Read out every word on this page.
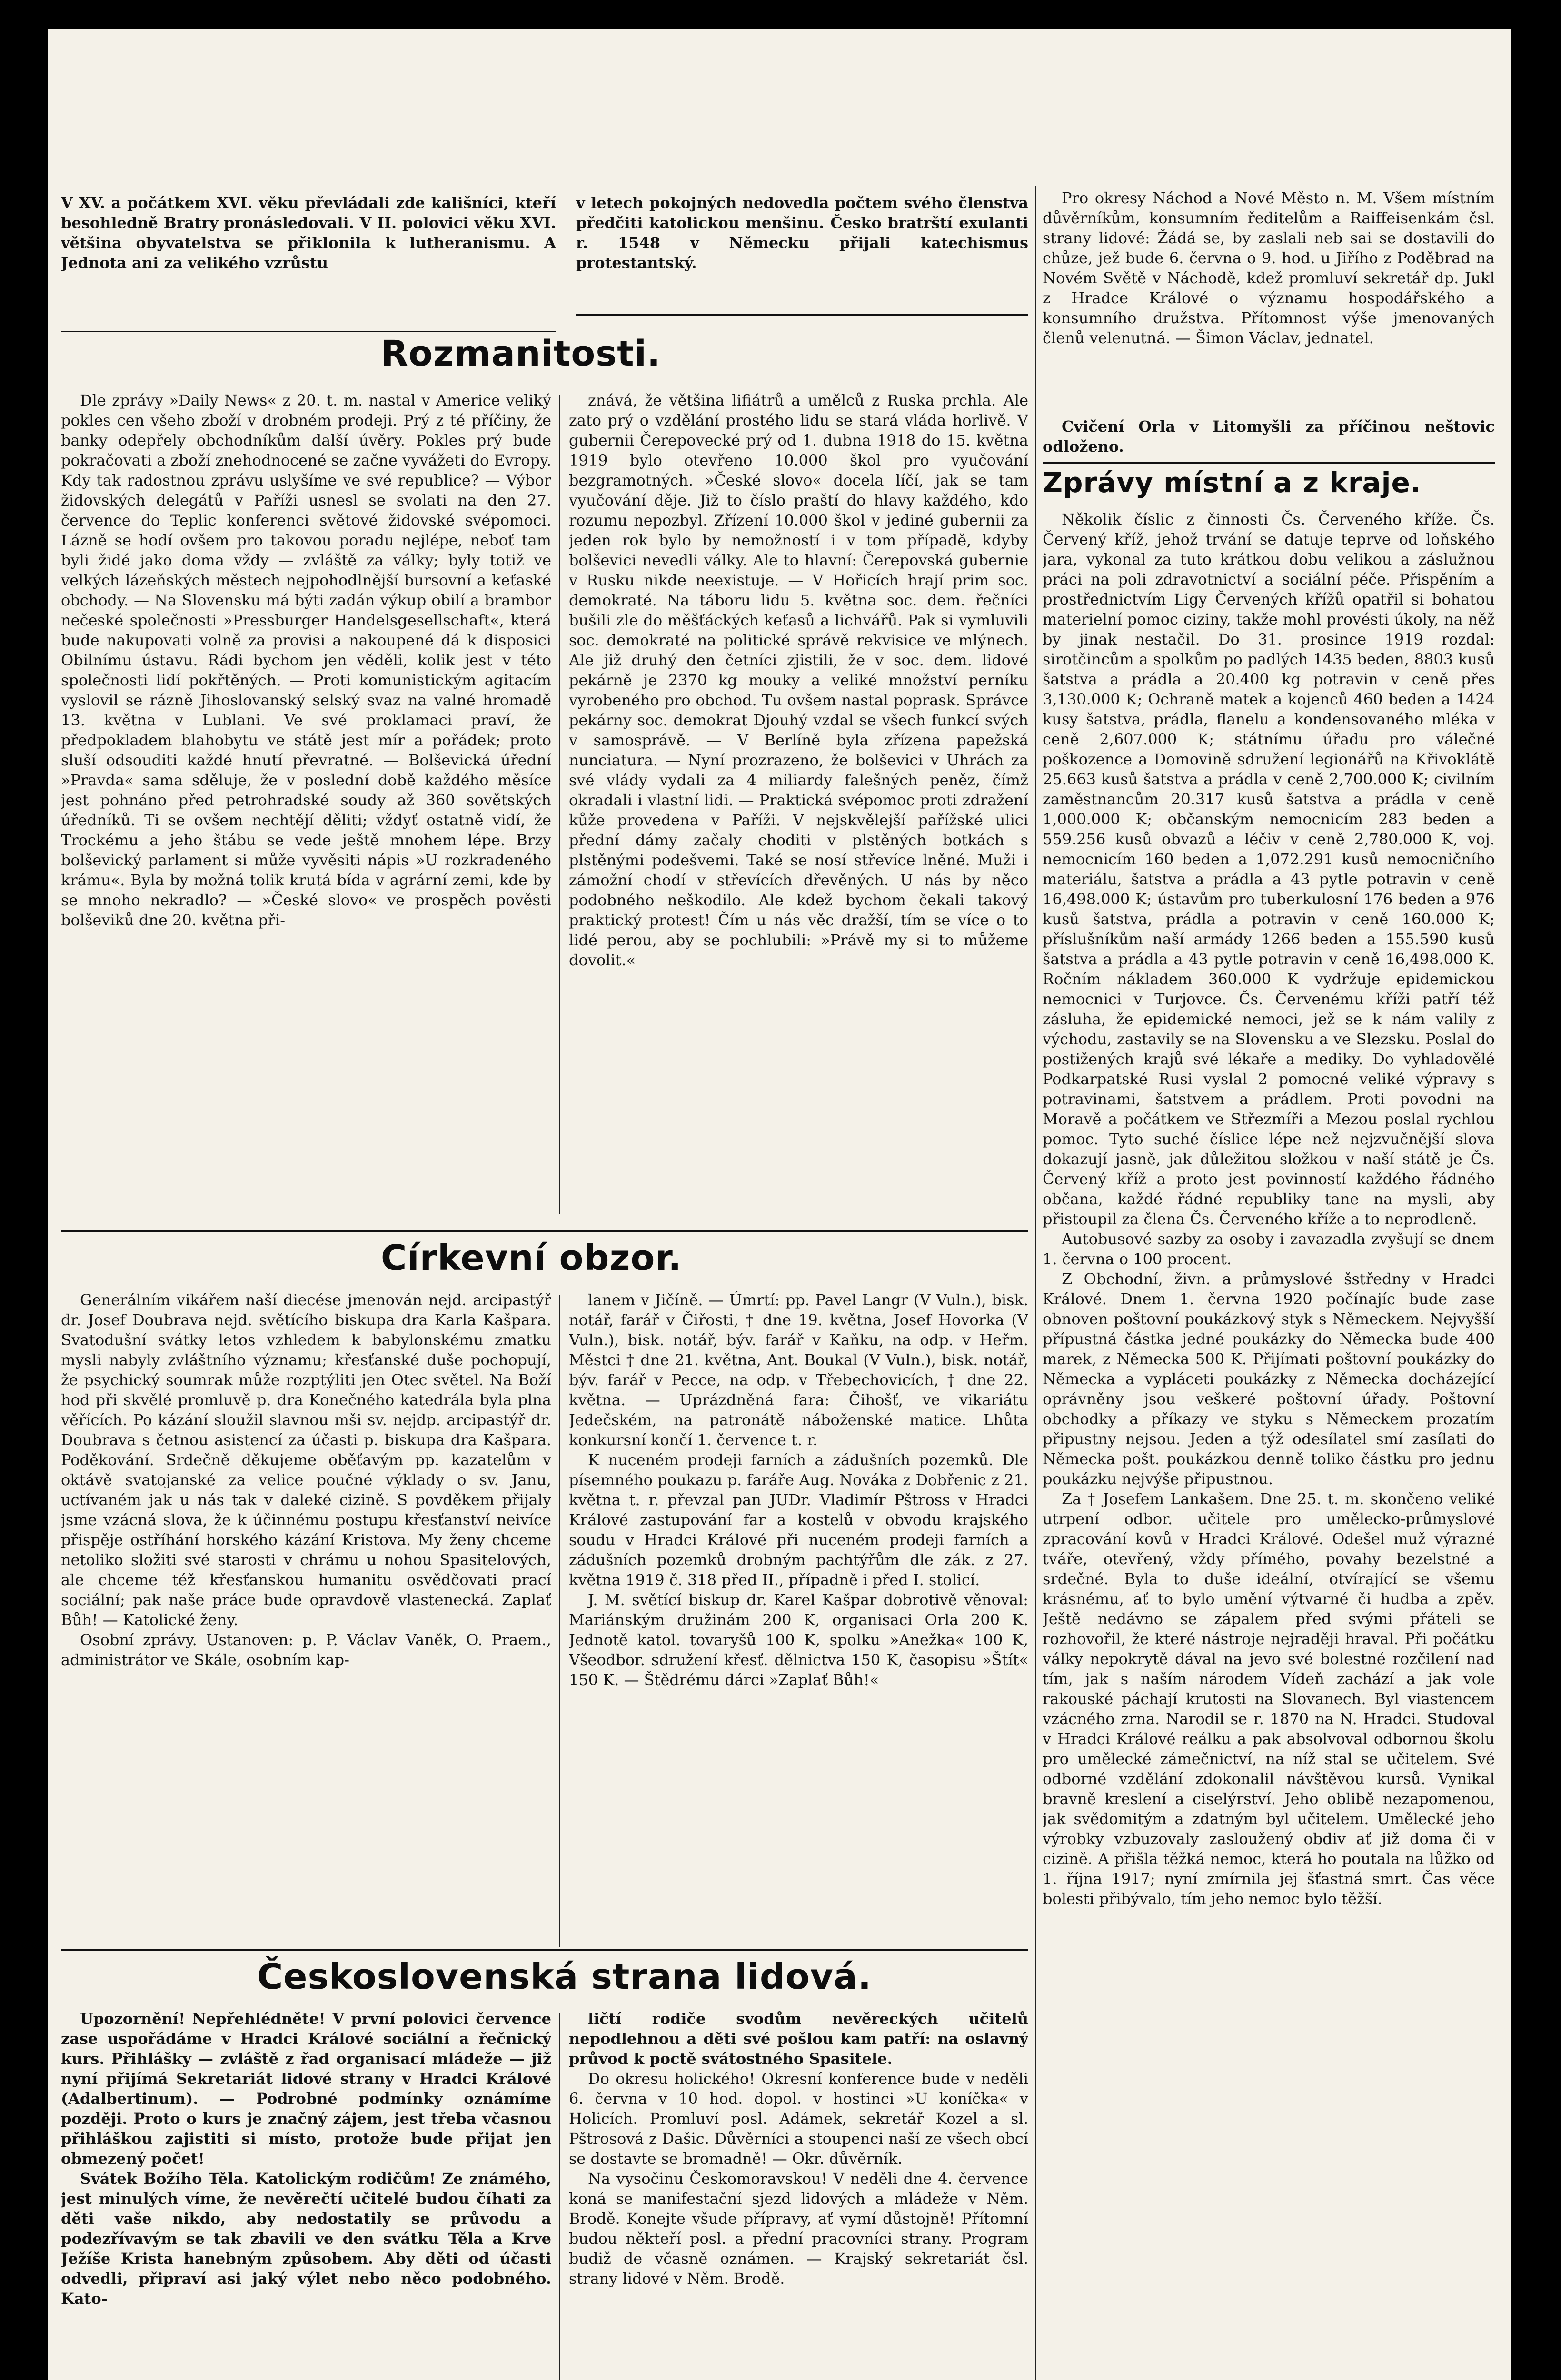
V XV. a počátkem XVI. věku převládali zde kališníci, kteří besohledně Bratry pronásledovali. V II. polovici věku XVI. většina obyvatelstva se přiklonila k lutheranismu. A Jednota ani za velikého vzrůstu
v letech pokojných nedovedla počtem svého členstva předčiti katolickou menšinu. Česko bratrští exulanti r. 1548 v Německu přijali katechismus protestantský.

Pro okresy Náchod a Nové Město n. M. Všem místním důvěrníkům, konsumním ředitelům a Raiffeisenkám čsl. strany lidové: Žádá se, by zaslali neb sai se dostavili do chůze, jež bude 6. června o 9. hod. u Jiřího z Poděbrad na Novém Světě v Náchodě, kdež promluví sekretář dp. Jukl z Hradce Králové o významu hospodářského a konsumního družstva. Přítomnost výše jmenovaných členů velenutná. — Šimon Václav, jednatel.

Cvičení Orla v Litomyšli za příčinou neštovic odloženo.

Rozmanitosti.

Dle zprávy »Daily News« z 20. t. m. nastal v Americe veliký pokles cen všeho zboží v drobném prodeji. Prý z té příčiny, že banky odepřely obchodníkům další úvěry. Pokles prý bude pokračovati a zboží znehodnocené se začne vyvážeti do Evropy. Kdy tak radostnou zprávu uslyšíme ve své republice? — Výbor židovských delegátů v Paříži usnesl se svolati na den 27. července do Teplic konferenci světové židovské svépomoci. Lázně se hodí ovšem pro takovou poradu nejlépe, neboť tam byli židé jako doma vždy — zvláště za války; byly totiž ve velkých lázeňských městech nejpohodlnější bursovní a keťaské obchody. — Na Slovensku má býti zadán výkup obilí a brambor nečeské společnosti »Pressburger Handelsgesellschaft«, která bude nakupovati volně za provisi a nakoupené dá k disposici Obilnímu ústavu. Rádi bychom jen věděli, kolik jest v této společnosti lidí pokřtěných. — Proti komunistickým agitacím vyslovil se rázně Jihoslovanský selský svaz na valné hromadě 13. května v Lublani. Ve své proklamaci praví, že předpokladem blahobytu ve státě jest mír a pořádek; proto sluší odsouditi každé hnutí převratné. — Bolševická úřední »Pravda« sama sděluje, že v poslední době každého měsíce jest pohnáno před petrohradské soudy až 360 sovětských úředníků. Ti se ovšem nechtějí děliti; vždyť ostatně vidí, že Trockému a jeho štábu se vede ještě mnohem lépe. Brzy bolševický parlament si může vyvěsiti nápis »U rozkradeného krámu«. Byla by možná tolik krutá bída v agrární zemi, kde by se mnoho nekradlo? — »České slovo« ve prospěch pověsti bolševiků dne 20. května při-

znává, že většina lifiátrů a umělců z Ruska prchla. Ale zato prý o vzdělání prostého lidu se stará vláda horlivě. V gubernii Čerepovecké prý od 1. dubna 1918 do 15. května 1919 bylo otevřeno 10.000 škol pro vyučování bezgramotných. »České slovo« docela líčí, jak se tam vyučování děje. Již to číslo praští do hlavy každého, kdo rozumu nepozbyl. Zřízení 10.000 škol v jediné gubernii za jeden rok bylo by nemožností i v tom případě, kdyby bolševici nevedli války. Ale to hlavní: Čerepovská gubernie v Rusku nikde neexistuje. — V Hořicích hrají prim soc. demokraté. Na táboru lidu 5. května soc. dem. řečníci bušili zle do měšťáckých keťasů a lichvářů. Pak si vymluvili soc. demokraté na politické správě rekvisice ve mlýnech. Ale již druhý den četníci zjistili, že v soc. dem. lidové pekárně je 2370 kg mouky a veliké množství perníku vyrobeného pro obchod. Tu ovšem nastal poprask. Správce pekárny soc. demokrat Djouhý vzdal se všech funkcí svých v samosprávě. — V Berlíně byla zřízena papežská nunciatura. — Nyní prozrazeno, že bolševici v Uhrách za své vlády vydali za 4 miliardy falešných peněz, čímž okradali i vlastní lidi. — Praktická svépomoc proti zdražení kůže provedena v Paříži. V nejskvělejší pařížské ulici přední dámy začaly choditi v plstěných botkách s plstěnými podešvemi. Také se nosí střevíce lněné. Muži i zámožní chodí v střevících dřevěných. U nás by něco podobného neškodilo. Ale kdež bychom čekali takový praktický protest! Čím u nás věc dražší, tím se více o to lidé perou, aby se pochlubili: »Právě my si to můžeme dovolit.«

Zprávy místní a z kraje.

Několik číslic z činnosti Čs. Červeného kříže. Čs. Červený kříž, jehož trvání se datuje teprve od loňského jara, vykonal za tuto krátkou dobu velikou a záslužnou práci na poli zdravotnictví a sociální péče. Přispěním a prostřednictvím Ligy Červených křížů opatřil si bohatou materielní pomoc ciziny, takže mohl provésti úkoly, na něž by jinak nestačil. Do 31. prosince 1919 rozdal: sirotčincům a spolkům po padlých 1435 beden, 8803 kusů šatstva a prádla a 20.400 kg potravin v ceně přes 3,130.000 K; Ochraně matek a kojenců 460 beden a 1424 kusy šatstva, prádla, flanelu a kondensovaného mléka v ceně 2,607.000 K; státnímu úřadu pro válečné poškozence a Domovině sdružení legionářů na Křivoklátě 25.663 kusů šatstva a prádla v ceně 2,700.000 K; civilním zaměstnancům 20.317 kusů šatstva a prádla v ceně 1,000.000 K; občanským nemocnicím 283 beden a 559.256 kusů obvazů a léčiv v ceně 2,780.000 K, voj. nemocnicím 160 beden a 1,072.291 kusů nemocničního materiálu, šatstva a prádla a 43 pytle potravin v ceně 16,498.000 K; ústavům pro tuberkulosní 176 beden a 976 kusů šatstva, prádla a potravin v ceně 160.000 K; příslušníkům naší armády 1266 beden a 155.590 kusů šatstva a prádla a 43 pytle potravin v ceně 16,498.000 K. Ročním nákladem 360.000 K vydržuje epidemickou nemocnici v Turjovce. Čs. Červenému kříži patří též zásluha, že epidemické nemoci, jež se k nám valily z východu, zastavily se na Slovensku a ve Slezsku. Poslal do postižených krajů své lékaře a mediky. Do vyhladovělé Podkarpatské Rusi vyslal 2 pomocné veliké výpravy s potravinami, šatstvem a prádlem. Proti povodni na Moravě a počátkem ve Střezmíři a Mezou poslal rychlou pomoc. Tyto suché číslice lépe než nejzvučnější slova dokazují jasně, jak důležitou složkou v naší státě je Čs. Červený kříž a proto jest povinností každého řádného občana, každé řádné republiky tane na mysli, aby přistoupil za člena Čs. Červeného kříže a to neprodleně.

Autobusové sazby za osoby i zavazadla zvyšují se dnem 1. června o 100 procent.

Z Obchodní, živn. a průmyslové šstředny v Hradci Králové. Dnem 1. června 1920 počínajíc bude zase obnoven poštovní poukázkový styk s Německem. Nejvyšší přípustná částka jedné poukázky do Německa bude 400 marek, z Německa 500 K. Přijímati poštovní poukázky do Německa a vypláceti poukázky z Německa docházející oprávněny jsou veškeré poštovní úřady. Poštovní obchodky a příkazy ve styku s Německem prozatím připustny nejsou. Jeden a týž odesílatel smí zasílati do Německa pošt. poukázkou denně toliko částku pro jednu poukázku nejvýše připustnou.

Za † Josefem Lankašem. Dne 25. t. m. skončeno veliké utrpení odbor. učitele pro umělecko-průmyslové zpracování kovů v Hradci Králové. Odešel muž výrazné tváře, otevřený, vždy přímého, povahy bezelstné a srdečné. Byla to duše ideální, otvírající se všemu krásnému, ať to bylo umění výtvarné či hudba a zpěv. Ještě nedávno se zápalem před svými přáteli se rozhovořil, že které nástroje nejraději hraval. Při počátku války nepokrytě dával na jevo své bolestné rozčilení nad tím, jak s naším národem Vídeň zachází a jak vole rakouské páchají krutosti na Slovanech. Byl viastencem vzácného zrna. Narodil se r. 1870 na N. Hradci. Studoval v Hradci Králové reálku a pak absolvoval odbornou školu pro umělecké zámečnictví, na níž stal se učitelem. Své odborné vzdělání zdokonalil návštěvou kursů. Vynikal bravně kreslení a ciselýrství. Jeho oblibě nezapomenou, jak svědomitým a zdatným byl učitelem. Umělecké jeho výrobky vzbuzovaly zasloužený obdiv ať již doma či v cizině. A přišla těžká nemoc, která ho poutala na lůžko od 1. října 1917; nyní zmírnila jej šťastná smrt. Čas věce bolesti přibývalo, tím jeho nemoc bylo těžší.

Církevní obzor.

Generálním vikářem naší diecése jmenován nejd. arcipastýř dr. Josef Doubrava nejd. světícího biskupa dra Karla Kašpara. Svatodušní svátky letos vzhledem k babylonskému zmatku mysli nabyly zvláštního významu; křesťanské duše pochopují, že psychický soumrak může rozptýliti jen Otec světel. Na Boží hod při skvělé promluvě p. dra Konečného katedrála byla plna věřících. Po kázání sloužil slavnou mši sv. nejdp. arcipastýř dr. Doubrava s četnou asistencí za účasti p. biskupa dra Kašpara. Poděkování. Srdečně děkujeme oběťavým pp. kazatelům v oktávě svatojanské za velice poučné výklady o sv. Janu, uctívaném jak u nás tak v daleké cizině. S povděkem přijaly jsme vzácná slova, že k účinnému postupu křesťanství neivíce přispěje ostříhání horského kázání Kristova. My ženy chceme netoliko složiti své starosti v chrámu u nohou Spasitelových, ale chceme též křesťanskou humanitu osvědčovati prací sociální; pak naše práce bude opravdově vlastenecká. Zaplať Bůh! — Katolické ženy.

Osobní zprávy. Ustanoven: p. P. Václav Vaněk, O. Praem., administrátor ve Skále, osobním kap-

lanem v Jičíně. — Úmrtí: pp. Pavel Langr (V Vuln.), bisk. notář, farář v Čiřosti, † dne 19. května, Josef Hovorka (V Vuln.), bisk. notář, býv. farář v Kaňku, na odp. v Heřm. Městci † dne 21. května, Ant. Boukal (V Vuln.), bisk. notář, býv. farář v Pecce, na odp. v Třebechovicích, † dne 22. května. — Uprázdněná fara: Čihošť, ve vikariátu Jedečském, na patronátě náboženské matice. Lhůta konkursní končí 1. července t. r.

K nuceném prodeji farních a zádušních pozemků. Dle písemného poukazu p. faráře Aug. Nováka z Dobřenic z 21. května t. r. převzal pan JUDr. Vladimír Pštross v Hradci Králové zastupování far a kostelů v obvodu krajského soudu v Hradci Králové při nuceném prodeji farních a zádušních pozemků drobným pachtýřům dle zák. z 27. května 1919 č. 318 před II., případně i před I. stolicí.

J. M. světící biskup dr. Karel Kašpar dobrotivě věnoval: Mariánským družinám 200 K, organisaci Orla 200 K. Jednotě katol. tovaryšů 100 K, spolku »Anežka« 100 K, Všeodbor. sdružení křesť. dělnictva 150 K, časopisu »Štít« 150 K. — Štědrému dárci »Zaplať Bůh!«

Československá strana lidová.

Upozornění! Nepřehlédněte! V první polovici července zase uspořádáme v Hradci Králové sociální a řečnický kurs. Přihlášky — zvláště z řad organisací mládeže — již nyní přijímá Sekretariát lidové strany v Hradci Králové (Adalbertinum). — Podrobné podmínky oznámíme později. Proto o kurs je značný zájem, jest třeba včasnou přihláškou zajistiti si místo, protože bude přijat jen obmezený počet!

Svátek Božího Těla. Katolickým rodičům! Ze známého, jest minulých víme, že nevěrečtí učitelé budou číhati za děti vaše nikdo, aby nedostatily se průvodu a podezřívavým se tak zbavili ve den svátku Těla a Krve Ježíše Krista hanebným způsobem. Aby děti od účasti odvedli, připraví asi jaký výlet nebo něco podobného. Kato-

ličtí rodiče svodům nevěreckých učitelů nepodlehnou a děti své pošlou kam patří: na oslavný průvod k poctě svátostného Spasitele.

Do okresu holického! Okresní konference bude v neděli 6. června v 10 hod. dopol. v hostinci »U koníčka« v Holicích. Promluví posl. Adámek, sekretář Kozel a sl. Pštrosová z Dašic. Důvěrníci a stoupenci naší ze všech obcí se dostavte se bromadně! — Okr. důvěrník.

Na vysočinu Českomoravskou! V neděli dne 4. července koná se manifestační sjezd lidových a mládeže v Něm. Brodě. Konejte všude přípravy, ať vymí důstojně! Přítomní budou někteří posl. a přední pracovníci strany. Program budiž de včasně oznámen. — Krajský sekretariát čsl. strany lidové v Něm. Brodě.
